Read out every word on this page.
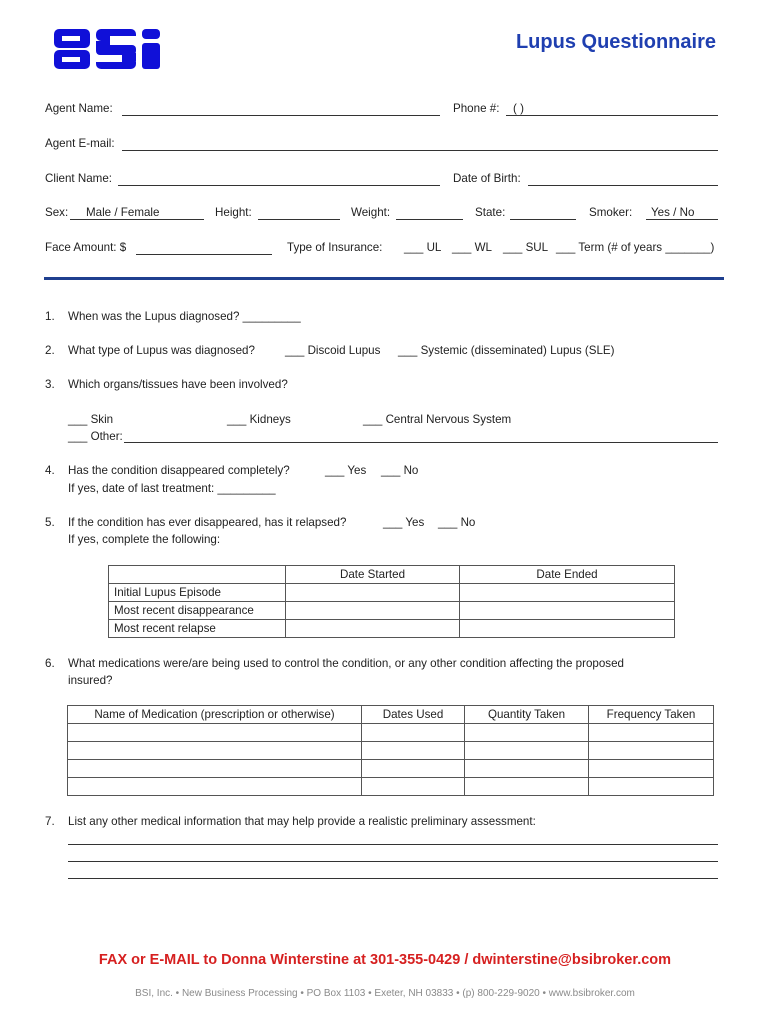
Lupus Questionnaire
Agent Name:	Phone #: ( )
Agent E-mail:
Client Name:	Date of Birth:
Sex: Male / Female	Height:	Weight:	State:	Smoker: Yes / No
Face Amount: $	Type of Insurance: ___ UL ___ WL ___ SUL ___ Term (# of years _______)
1. When was the Lupus diagnosed? _________
2. What type of Lupus was diagnosed?	___ Discoid Lupus ___ Systemic (disseminated) Lupus (SLE)
3. Which organs/tissues have been involved?
___ Skin	___ Kidneys	___ Central Nervous System
___ Other:
4. Has the condition disappeared completely?	___ Yes ___ No
If yes, date of last treatment: _________
5. If the condition has ever disappeared, has it relapsed?	___ Yes ___ No
If yes, complete the following:
	Date Started	Date Ended
Initial Lupus Episode		
Most recent disappearance		
Most recent relapse		
6. What medications were/are being used to control the condition, or any other condition affecting the proposed
insured?
Name of Medication (prescription or otherwise)	Dates Used	Quantity Taken	Frequency Taken

7. List any other medical information that may help provide a realistic preliminary assessment:
FAX or E-MAIL to Donna Winterstine at 301-355-0429 / dwinterstine@bsibroker.com
BSI, Inc. • New Business Processing • PO Box 1103 • Exeter, NH 03833 • (p) 800-229-9020 • www.bsibroker.com
